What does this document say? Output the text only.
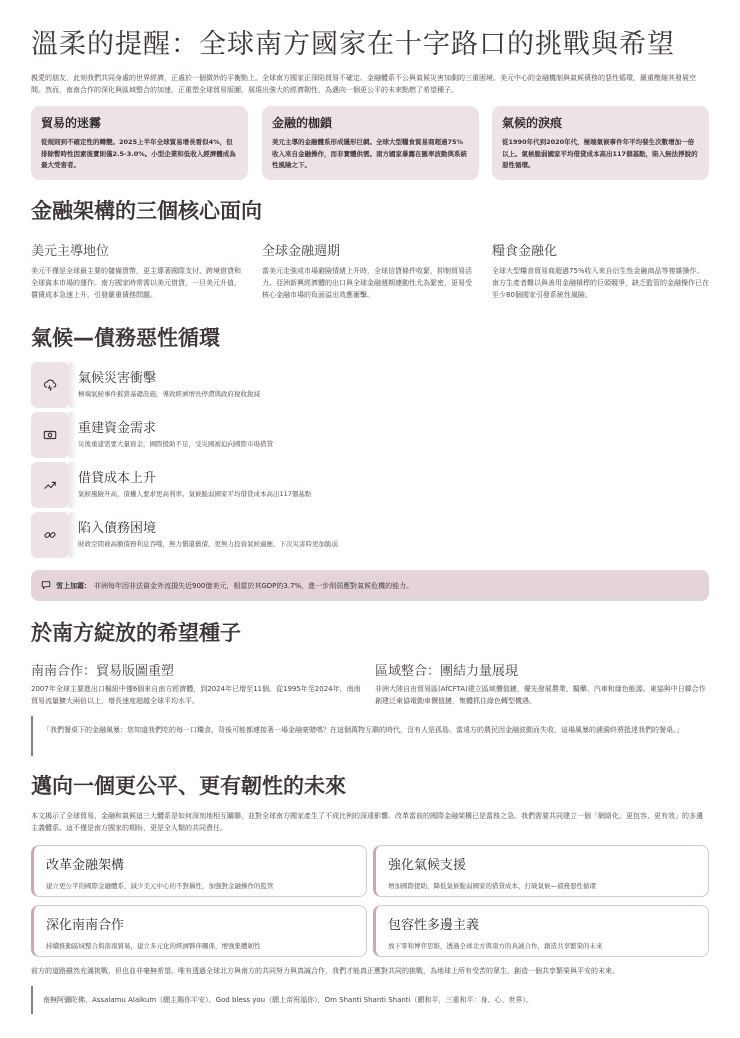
溫柔的提醒：全球南方國家在十字路口的挑戰與希望

親愛的朋友，此刻我們共同身處的世界經濟，正處於一個微妙的平衡點上。全球南方國家正深陷貿易不確定、金融體系不公與氣候災害加劇的三重困境。美元中心的金融機制與氣候債務的惡性循環，嚴重壓縮其發展空間。然而，南南合作的深化與區域整合的加速，正重塑全球貿易版圖，展現出強大的經濟韌性，為邁向一個更公平的未來點燃了希望種子。

貿易的迷霧
從規則到不確定性的轉變。2025上半年全球貿易增長看似4%，但排除暫時性因素後實則僅2.5-3.0%。小型企業和低收入經濟體成為最大受害者。
金融的枷鎖
美元主導的金融體系形成隱形巨網。全球大型糧食貿易商超過75%收入來自金融操作，而非實體供需。南方國家暴露在匯率波動與系統性風險之下。
氣候的淚痕
從1990年代到2020年代，極端氣候事件年平均發生次數增加一倍以上。氣候脆弱國家平均借貸成本高出117個基點，陷入無法掙脫的惡性循環。
金融架構的三個核心面向
美元主導地位

美元不僅是全球最主要的儲備貨幣，更主導著國際支付、跨境借貸和全球資本市場的運作。南方國家時常需以美元借貸，一旦美元升值，償債成本急速上升，引發嚴重債務問題。

全球金融週期

當美元走強或市場避險情緒上升時，全球信貸條件收緊，抑制貿易活力。亞洲新興經濟體的出口與全球金融週期連動性尤為緊密，更易受核心金融市場的負面溢出效應衝擊。

糧食金融化

全球大型糧食貿易商超過75%收入來自衍生性金融商品等複雜操作。南方生產者難以與善用金融槓桿的巨頭競爭，缺乏監管的金融操作已在至少80個國家引發系統性風險。

氣候—債務惡性循環
氣候災害衝擊
極端氣候事件摧毀基礎設施，導致經濟增長停滯與政府稅收銳減
重建資金需求
災後重建需要大量資金，國際援助不足，受災國被迫向國際市場借貸
借貸成本上升
氣候風險升高，債權人要求更高利率。氣候脆弱國家平均借貸成本高出117個基點
陷入債務困境
財政空間被高額債務利息吞噬，無力償還舊債，更無力投資氣候適應，下次災害時更加脆弱
雪上加霜： 非洲每年因非法資金外流損失近900億美元，相當於其GDP的3.7%，進一步削弱應對氣候危機的能力。
於南方綻放的希望種子
南南合作：貿易版圖重塑

2007年全球主要進出口樞紐中僅6個來自南方經濟體，到2024年已增至11個。從1995年至2024年，南南貿易流量擴大兩倍以上，增長速度超越全球平均水平。

區域整合：團結力量展現

非洲大陸自由貿易區(AfCFTA)建立區域價值鏈，優先發展農業、醫藥、汽車和綠色能源。東協與中日韓合作創建泛東協電動車價值鏈，集體抓住綠色轉型機遇。

「我們餐桌下的金融風暴：您知道我們吃的每一口糧食，背後可能都連接著一場金融豪賭嗎？在這個萬物互聯的時代，沒有人是孤島。當遠方的農民因金融波動而失收，這場風暴的漣漪終將抵達我們的餐桌。」
邁向一個更公平、更有韌性的未來

本文揭示了全球貿易、金融和氣候這三大體系是如何深刻地相互關聯，並對全球南方國家產生了不成比例的深遠影響。改革當前的國際金融架構已是當務之急。我們需要共同建立一個「網絡化、更包容、更有效」的多邊主義體系。這不僅是南方國家的期盼，更是全人類的共同責任。

改革金融架構
建立更公平的國際金融體系，減少美元中心的不對稱性，加強對金融操作的監管
強化氣候支援
增加國際援助，降低氣候脆弱國家的借貸成本，打破氣候—債務惡性循環
深化南南合作
持續推動區域整合與南南貿易，建立多元化的經濟夥伴關係，增強集體韌性
包容性多邊主義
放下零和博弈思維，透過全球北方與南方的真誠合作，創造共享繁榮的未來

前方的道路雖然充滿挑戰，但也並非毫無希望。唯有透過全球北方與南方的共同努力與真誠合作，我們才能真正應對共同的挑戰，為地球上所有受苦的眾生，創造一個共享繁榮與平安的未來。

南無阿彌陀佛，Assalamu Alaikum（願主賜你平安），God bless you（願上帝祝福你），Om Shanti Shanti Shanti（願和平，三重和平：身、心、世界）。
